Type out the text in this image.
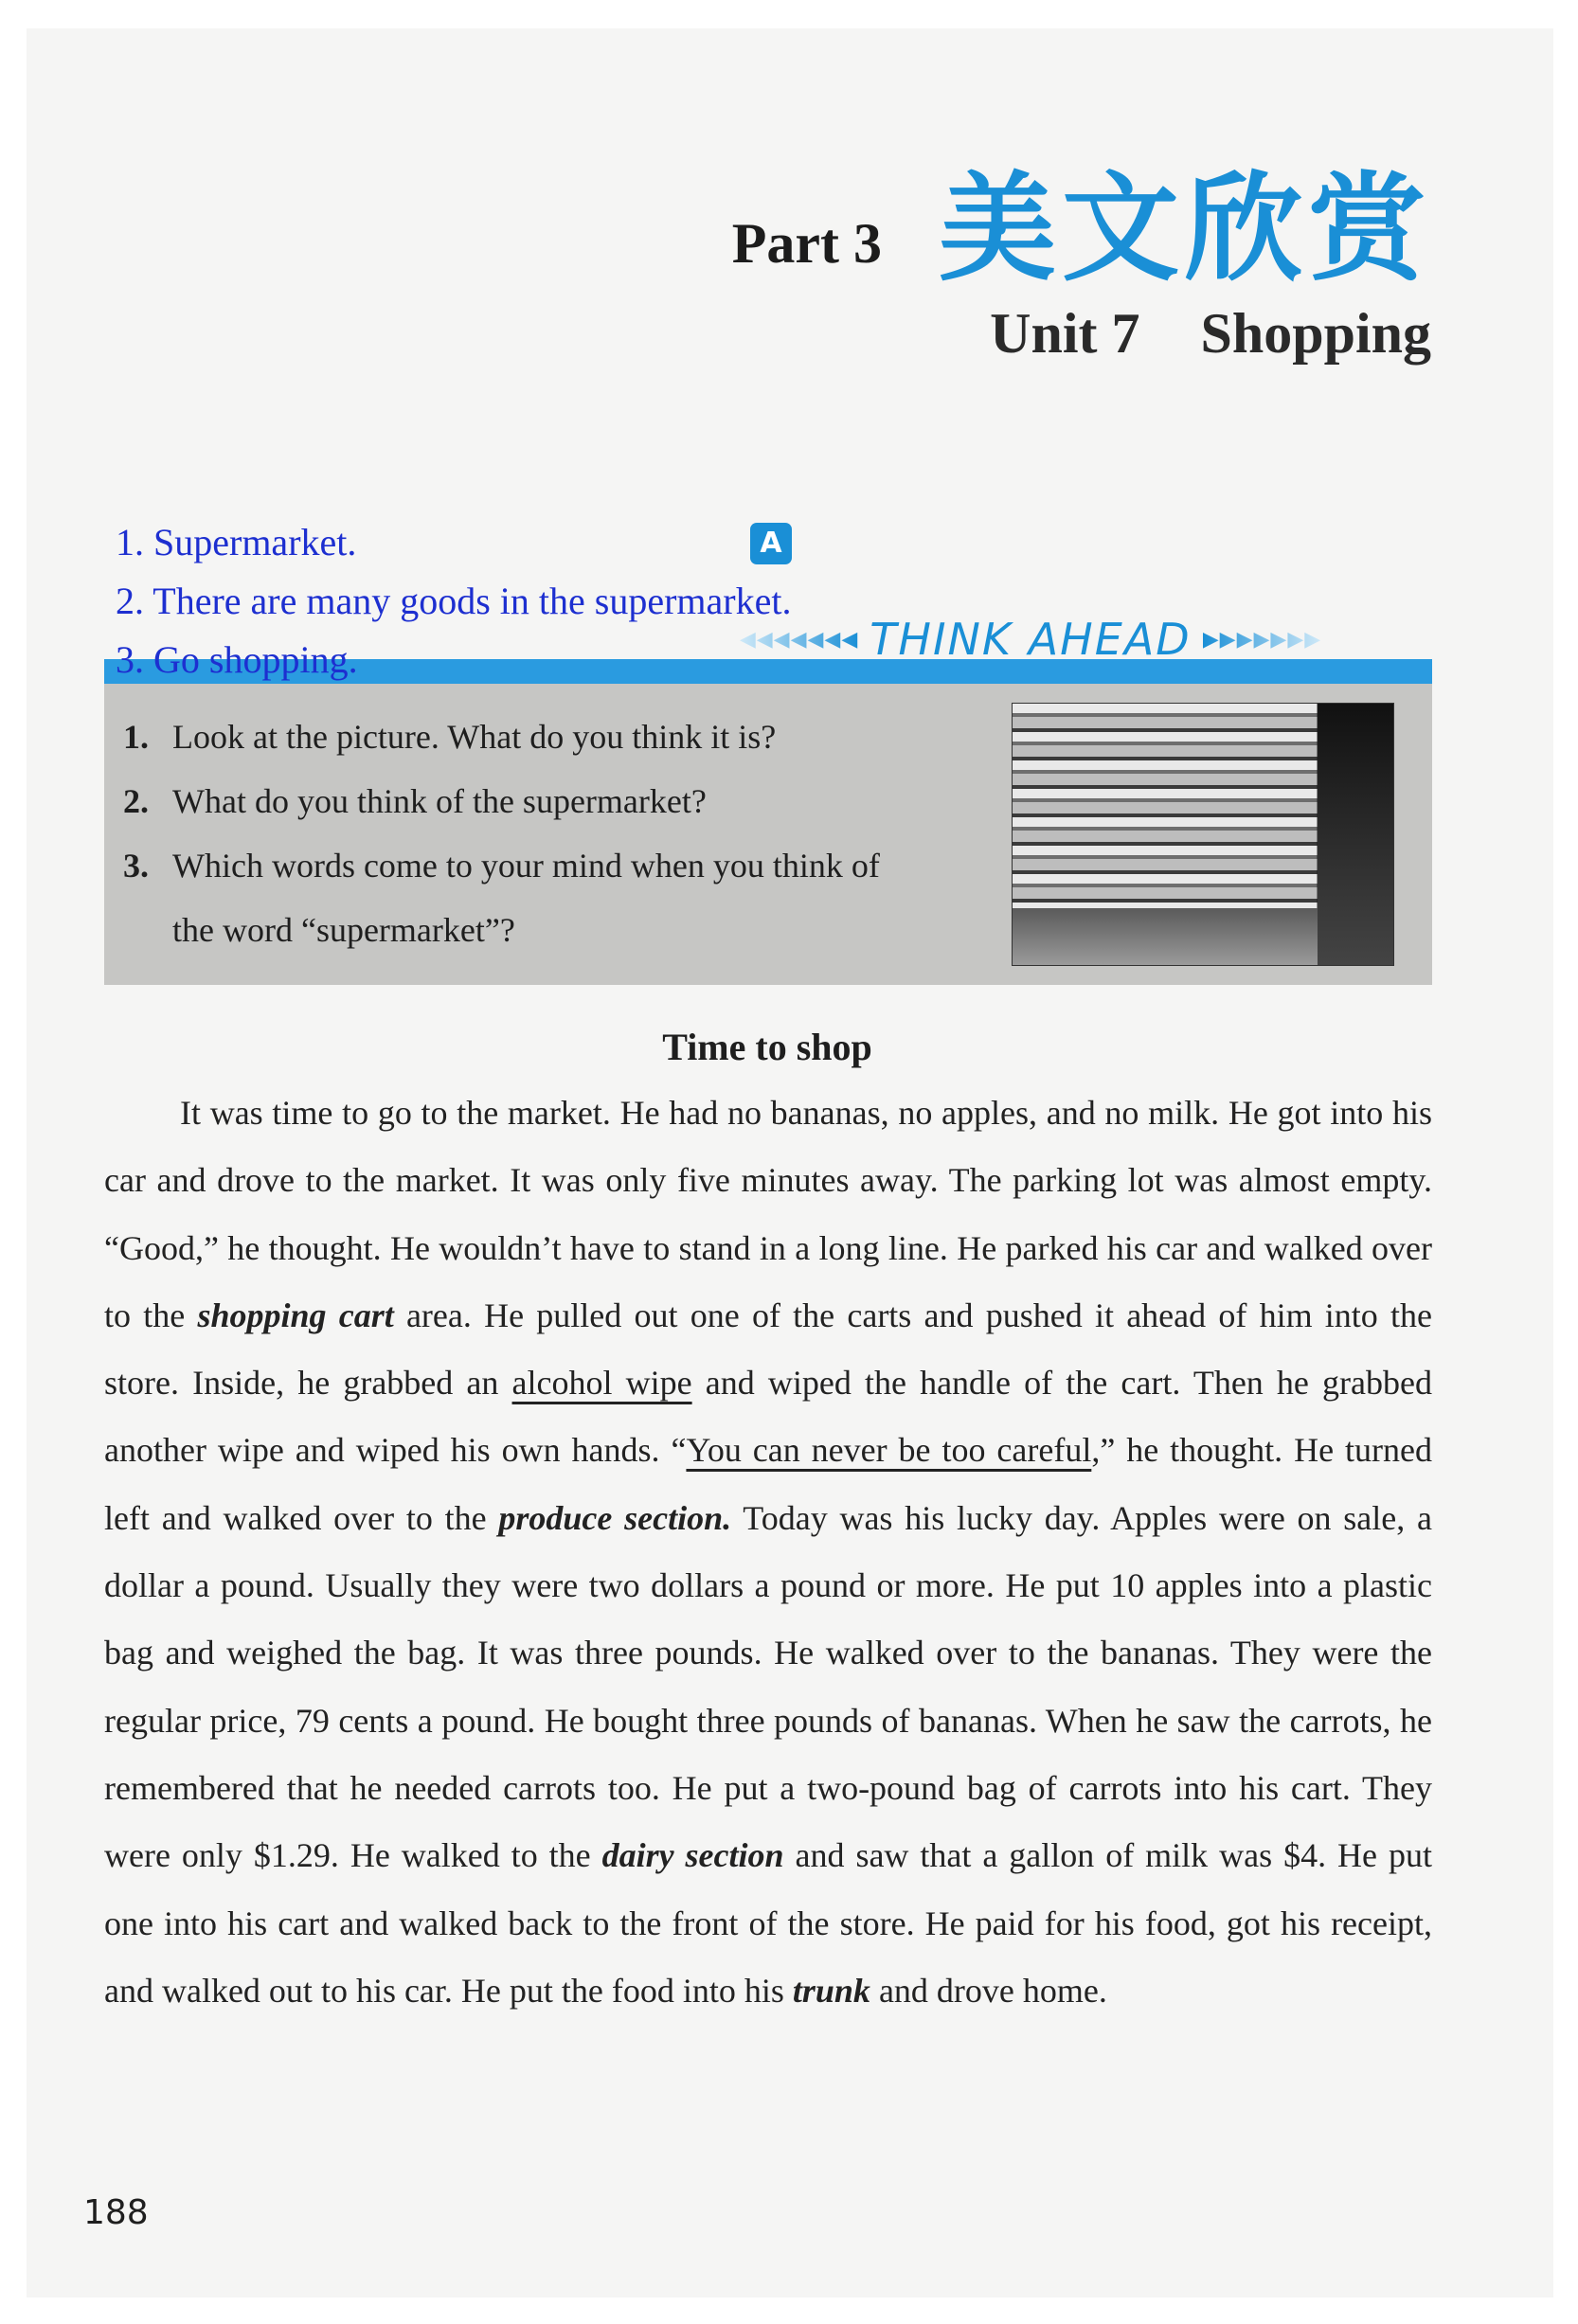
Part 3 美文欣赏
Unit 7 Shopping
1. Supermarket.
2. There are many goods in the supermarket.
3. Go shopping.
A
◀◀◀◀◀◀◀ THINK AHEAD ▶▶▶▶▶▶▶
1. Look at the picture. What do you think it is?
2. What do you think of the supermarket?
3. Which words come to your mind when you think of
the word “supermarket”?
Time to shop

It was time to go to the market. He had no bananas, no apples, and no milk. He got into his car and drove to the market. It was only five minutes away. The parking lot was almost empty. “Good,” he thought. He wouldn’t have to stand in a long line. He parked his car and walked over to the shopping cart area. He pulled out one of the carts and pushed it ahead of him into the store. Inside, he grabbed an alcohol wipe and wiped the handle of the cart. Then he grabbed another wipe and wiped his own hands. “You can never be too careful,” he thought. He turned left and walked over to the produce section. Today was his lucky day. Apples were on sale, a dollar a pound. Usually they were two dollars a pound or more. He put 10 apples into a plastic bag and weighed the bag. It was three pounds. He walked over to the bananas. They were the regular price, 79 cents a pound. He bought three pounds of bananas. When he saw the carrots, he remembered that he needed carrots too. He put a two-pound bag of carrots into his cart. They were only $1.29. He walked to the dairy section and saw that a gallon of milk was $4. He put one into his cart and walked back to the front of the store. He paid for his food, got his receipt, and walked out to his car. He put the food into his trunk and drove home.

188
